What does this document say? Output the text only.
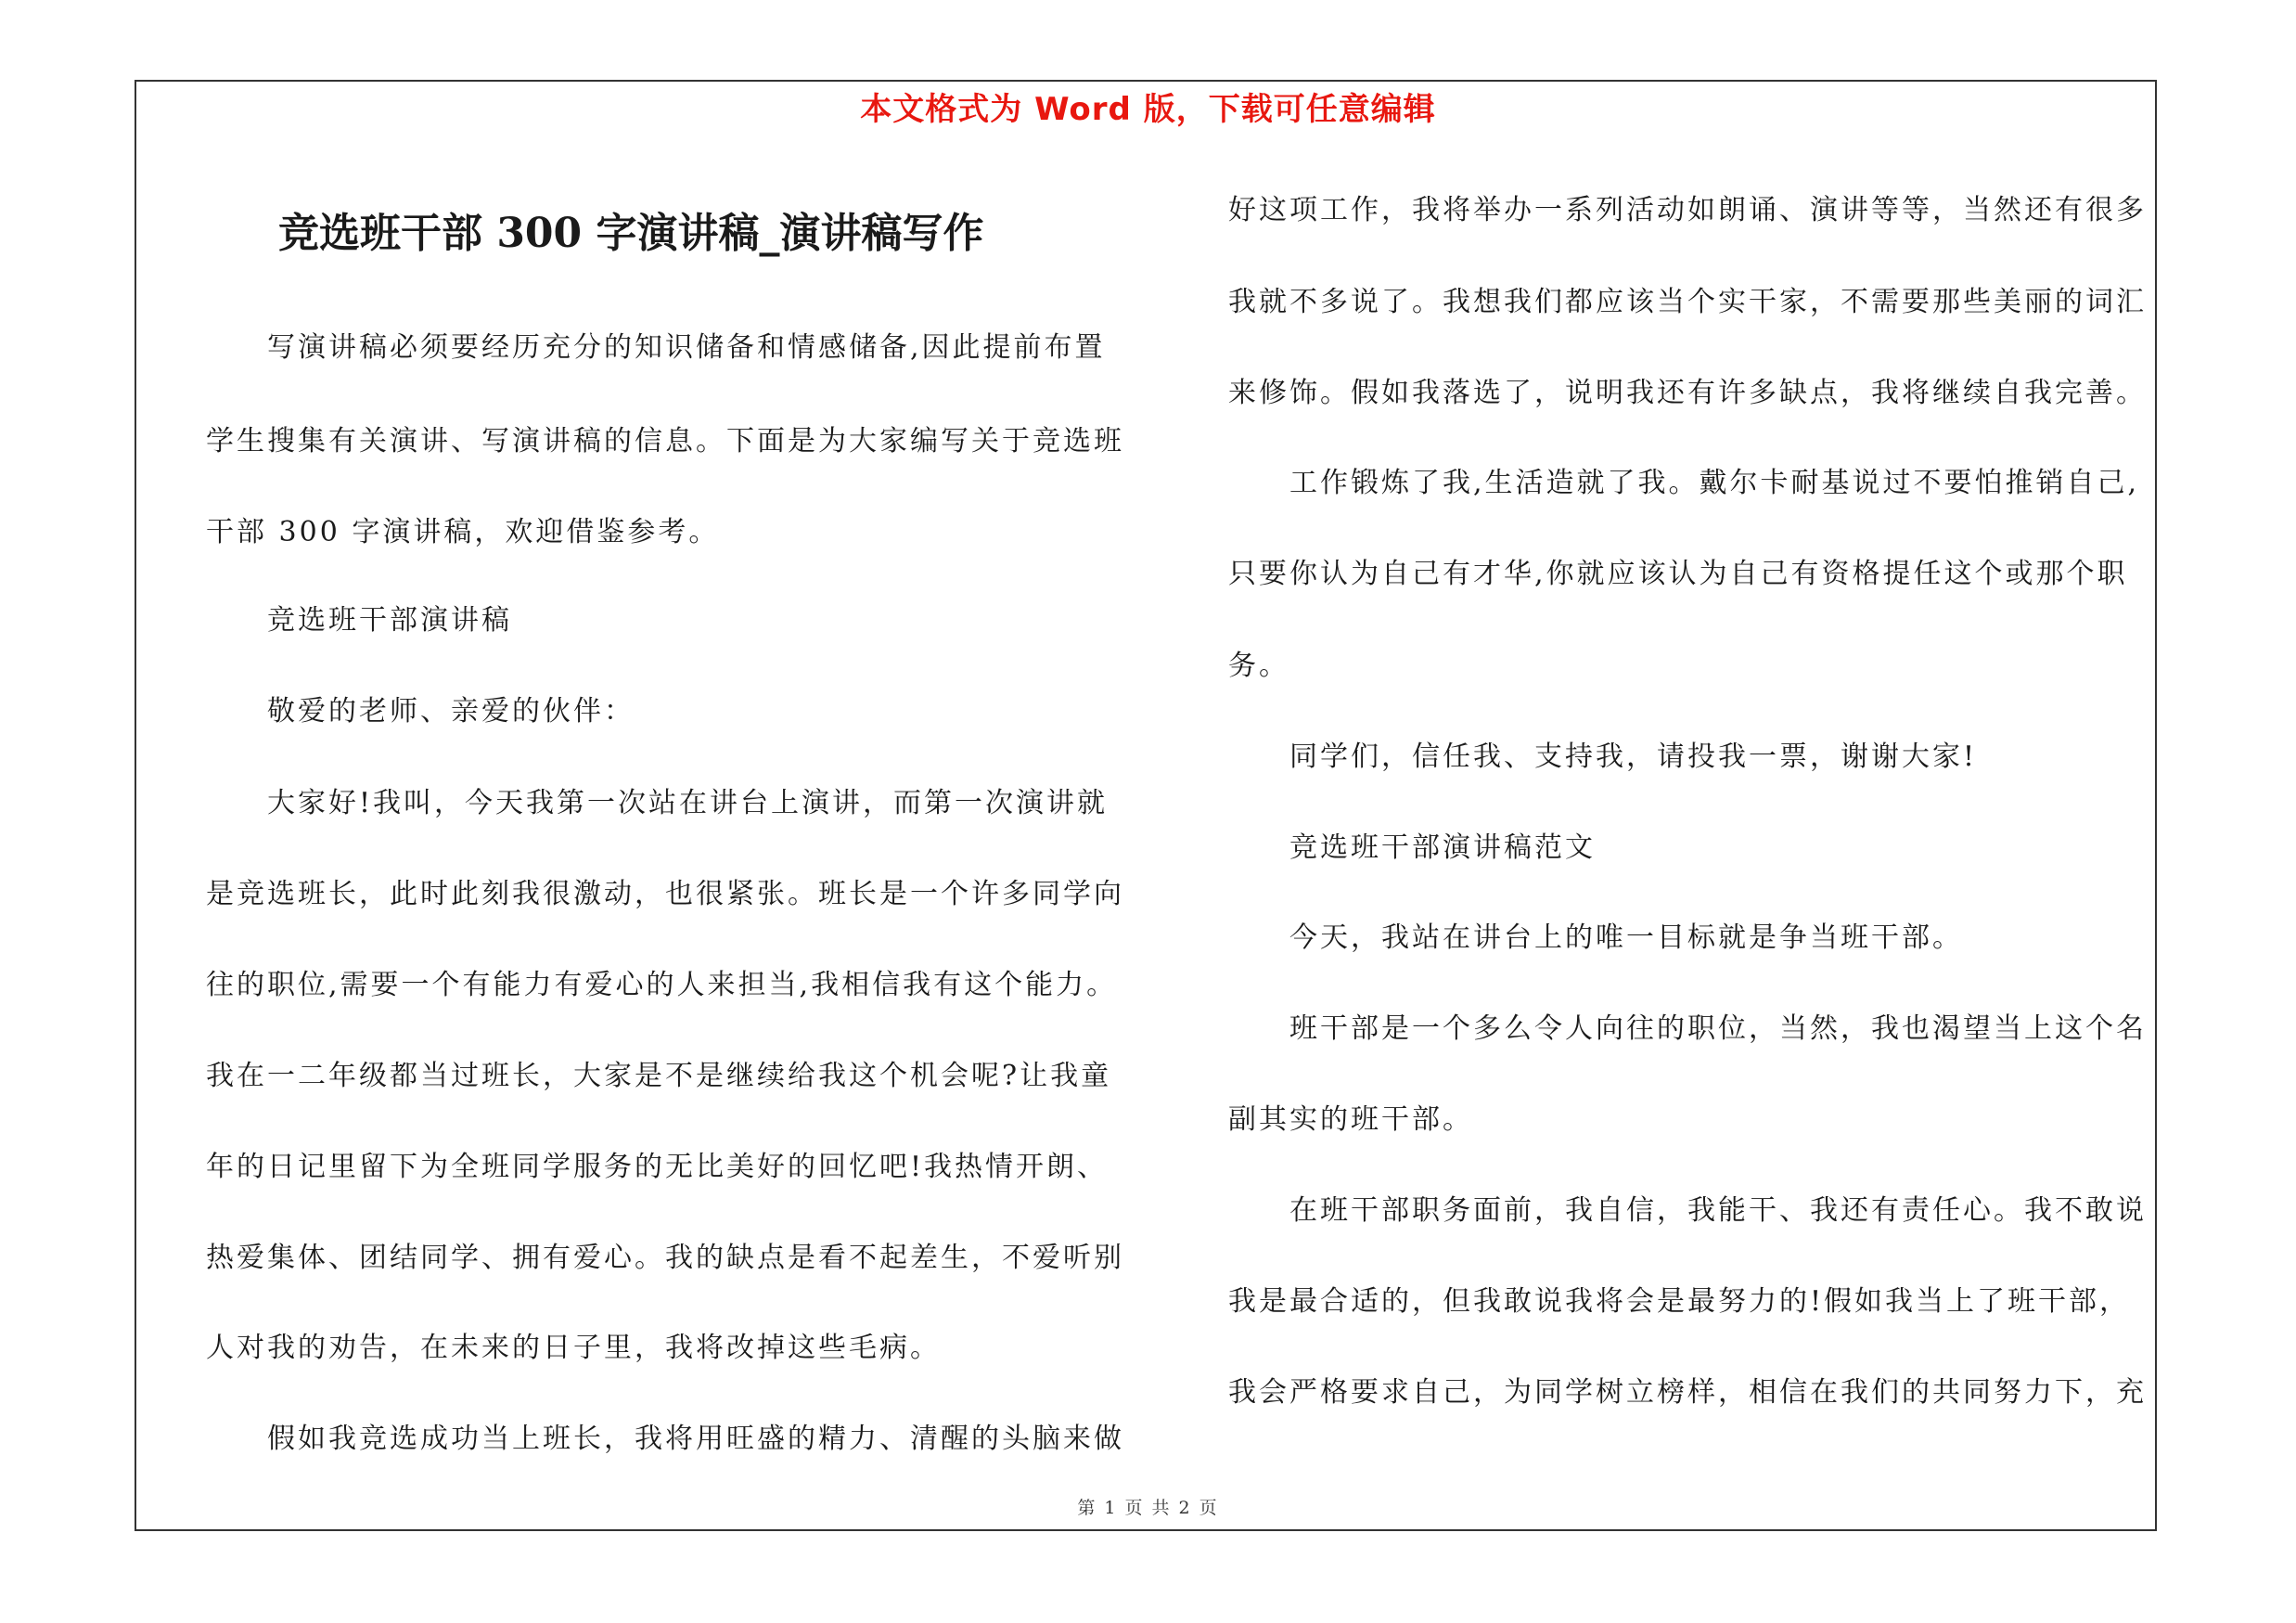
本文格式为 Word 版，下载可任意编辑
竞选班干部 300 字演讲稿_演讲稿写作
写演讲稿必须要经历充分的知识储备和情感储备,因此提前布置
学生搜集有关演讲、写演讲稿的信息。下面是为大家编写关于竞选班
干部 300 字演讲稿，欢迎借鉴参考。
竞选班干部演讲稿
敬爱的老师、亲爱的伙伴：
大家好!我叫，今天我第一次站在讲台上演讲，而第一次演讲就
是竞选班长，此时此刻我很激动，也很紧张。班长是一个许多同学向
往的职位,需要一个有能力有爱心的人来担当,我相信我有这个能力。
我在一二年级都当过班长，大家是不是继续给我这个机会呢?让我童
年的日记里留下为全班同学服务的无比美好的回忆吧!我热情开朗、
热爱集体、团结同学、拥有爱心。我的缺点是看不起差生，不爱听别
人对我的劝告，在未来的日子里，我将改掉这些毛病。
假如我竞选成功当上班长，我将用旺盛的精力、清醒的头脑来做
好这项工作，我将举办一系列活动如朗诵、演讲等等，当然还有很多
我就不多说了。我想我们都应该当个实干家，不需要那些美丽的词汇
来修饰。假如我落选了，说明我还有许多缺点，我将继续自我完善。
工作锻炼了我,生活造就了我。戴尔卡耐基说过不要怕推销自己,
只要你认为自己有才华,你就应该认为自己有资格提任这个或那个职
务。
同学们，信任我、支持我，请投我一票，谢谢大家!
竞选班干部演讲稿范文
今天，我站在讲台上的唯一目标就是争当班干部。
班干部是一个多么令人向往的职位，当然，我也渴望当上这个名
副其实的班干部。
在班干部职务面前，我自信，我能干、我还有责任心。我不敢说
我是最合适的，但我敢说我将会是最努力的!假如我当上了班干部，
我会严格要求自己，为同学树立榜样，相信在我们的共同努力下，充
第 1 页 共 2 页
